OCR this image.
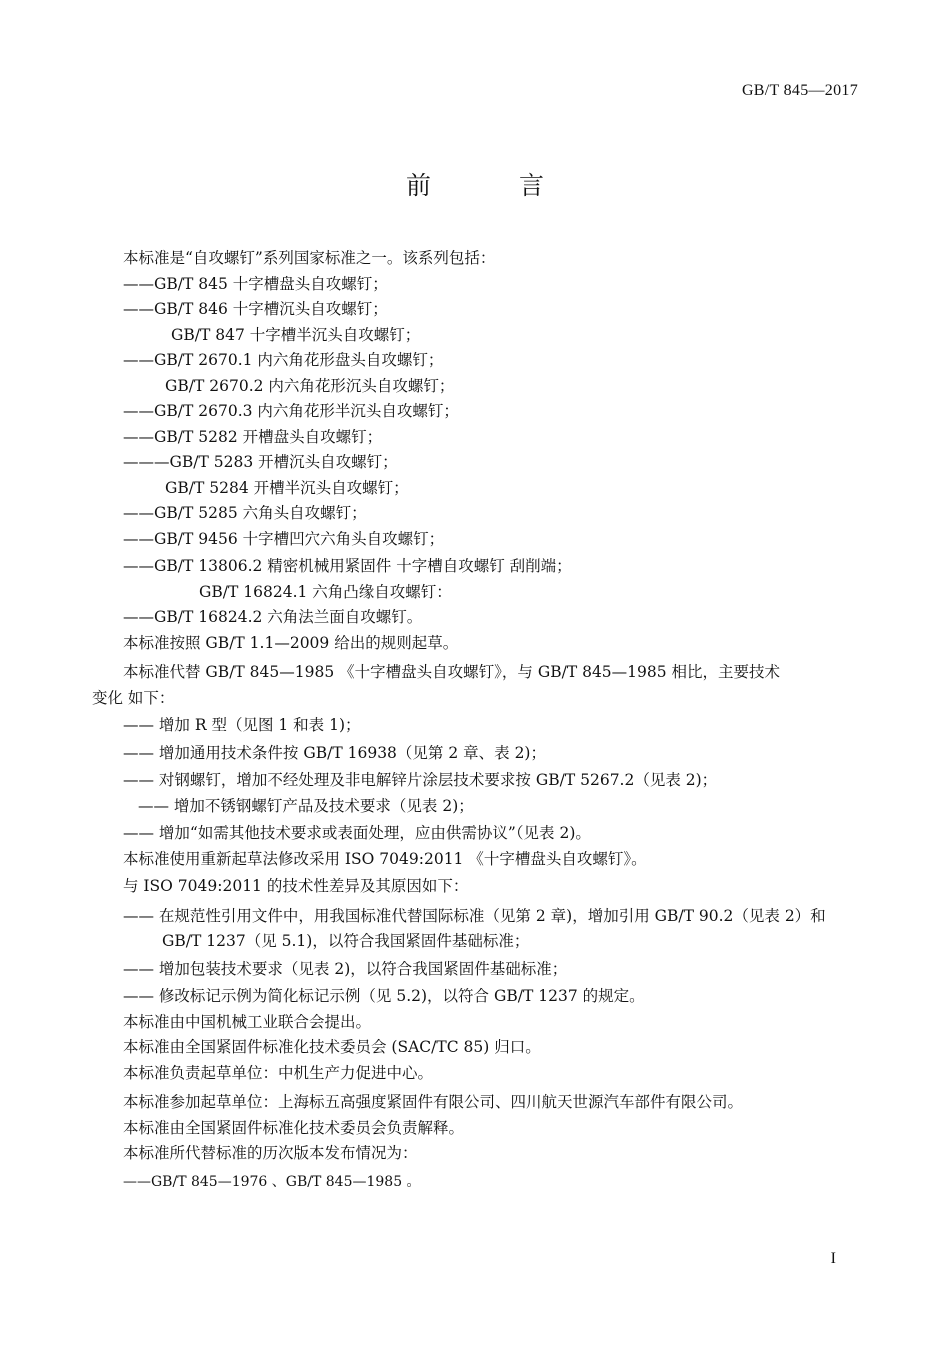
GB/T 845—2017
前 言

本标准是“自攻螺钉”系列国家标准之一。该系列包括：

——GB/T 845 十字槽盘头自攻螺钉；

——GB/T 846 十字槽沉头自攻螺钉；

GB/T 847 十字槽半沉头自攻螺钉；

——GB/T 2670.1 内六角花形盘头自攻螺钉；

GB/T 2670.2 内六角花形沉头自攻螺钉；

——GB/T 2670.3 内六角花形半沉头自攻螺钉；

——GB/T 5282 开槽盘头自攻螺钉；

———GB/T 5283 开槽沉头自攻螺钉；

GB/T 5284 开槽半沉头自攻螺钉；

——GB/T 5285 六角头自攻螺钉；

——GB/T 9456 十字槽凹穴六角头自攻螺钉；

——GB/T 13806.2 精密机械用紧固件 十字槽自攻螺钉 刮削端；

GB/T 16824.1 六角凸缘自攻螺钉：

——GB/T 16824.2 六角法兰面自攻螺钉。

本标准按照 GB/T 1.1—2009 给出的规则起草。

本标准代替 GB/T 845—1985 《十字槽盘头自攻螺钉》，与 GB/T 845—1985 相比，主要技术

变化 如下：

—— 增加 R 型（见图 1 和表 1)；

—— 增加通用技术条件按 GB/T 16938（见第 2 章、表 2)；

—— 对钢螺钉，增加不经处理及非电解锌片涂层技术要求按 GB/T 5267.2（见表 2)；

—— 增加不锈钢螺钉产品及技术要求（见表 2)；

—— 增加“如需其他技术要求或表面处理，应由供需协议”（见表 2)。

本标准使用重新起草法修改采用 ISO 7049:2011 《十字槽盘头自攻螺钉》。

与 ISO 7049:2011 的技术性差异及其原因如下：

—— 在规范性引用文件中，用我国标准代替国际标准（见第 2 章)，增加引用 GB/T 90.2（见表 2）和 GB/T 1237（见 5.1)，以符合我国紧固件基础标准；

—— 增加包装技术要求（见表 2)，以符合我国紧固件基础标准；

—— 修改标记示例为简化标记示例（见 5.2)，以符合 GB/T 1237 的规定。

本标准由中国机械工业联合会提出。

本标准由全国紧固件标准化技术委员会 (SAC/TC 85) 归口。

本标准负责起草单位：中机生产力促进中心。

本标准参加起草单位：上海标五高强度紧固件有限公司、四川航天世源汽车部件有限公司。

本标准由全国紧固件标准化技术委员会负责解释。

本标准所代替标准的历次版本发布情况为：

——GB/T 845—1976 、GB/T 845—1985 。

I
